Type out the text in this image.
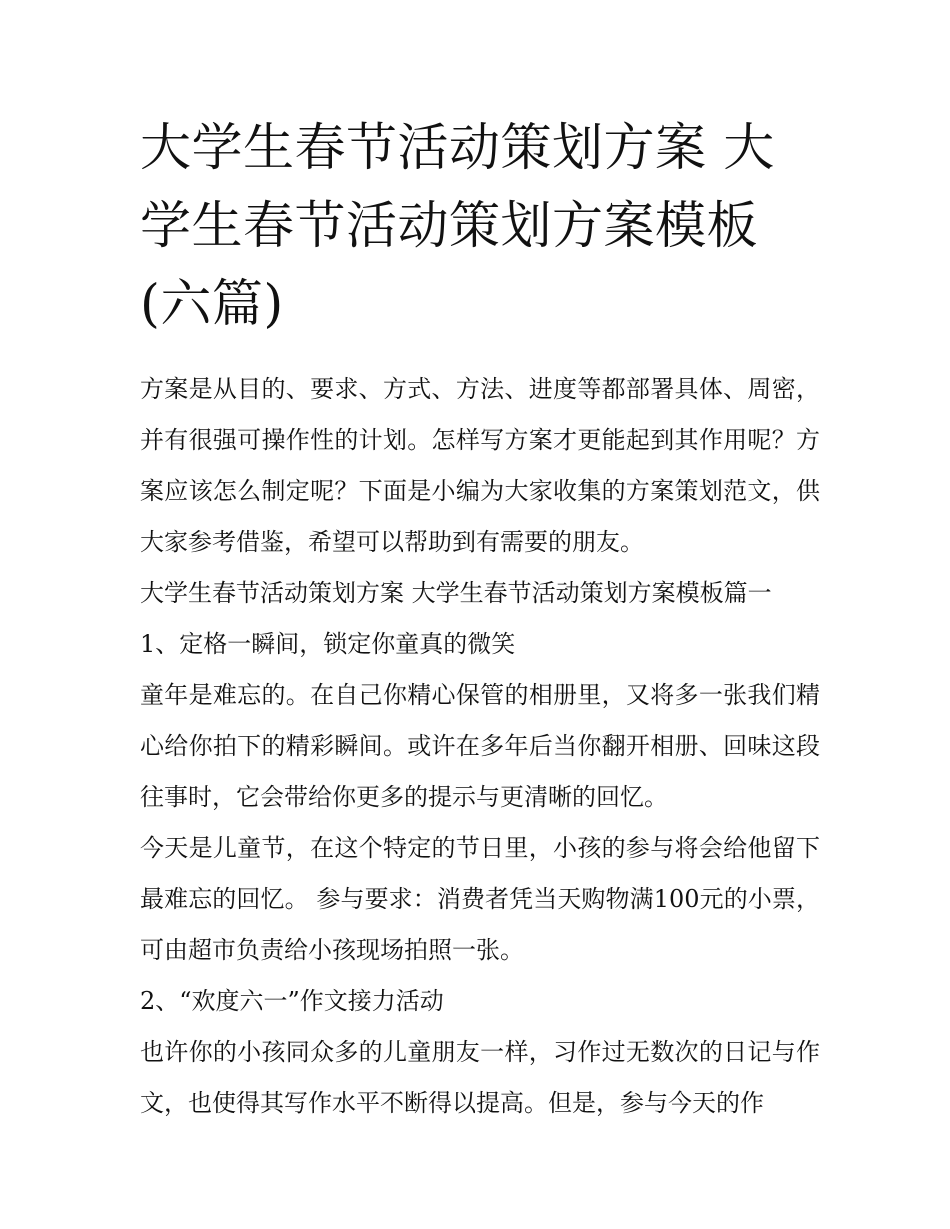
大学生春节活动策划方案 大学生春节活动策划方案模板(六篇)

方案是从目的、要求、方式、方法、进度等都部署具体、周密，并有很强可操作性的计划。怎样写方案才更能起到其作用呢？方案应该怎么制定呢？下面是小编为大家收集的方案策划范文，供大家参考借鉴，希望可以帮助到有需要的朋友。

大学生春节活动策划方案 大学生春节活动策划方案模板篇一

1、定格一瞬间，锁定你童真的微笑

童年是难忘的。在自己你精心保管的相册里，又将多一张我们精心给你拍下的精彩瞬间。或许在多年后当你翻开相册、回味这段往事时，它会带给你更多的提示与更清晰的回忆。

今天是儿童节，在这个特定的节日里，小孩的参与将会给他留下最难忘的回忆。 参与要求：消费者凭当天购物满100元的小票，可由超市负责给小孩现场拍照一张。

2、“欢度六一”作文接力活动

也许你的小孩同众多的儿童朋友一样，习作过无数次的日记与作文，也使得其写作水平不断得以提高。但是，参与今天的作
